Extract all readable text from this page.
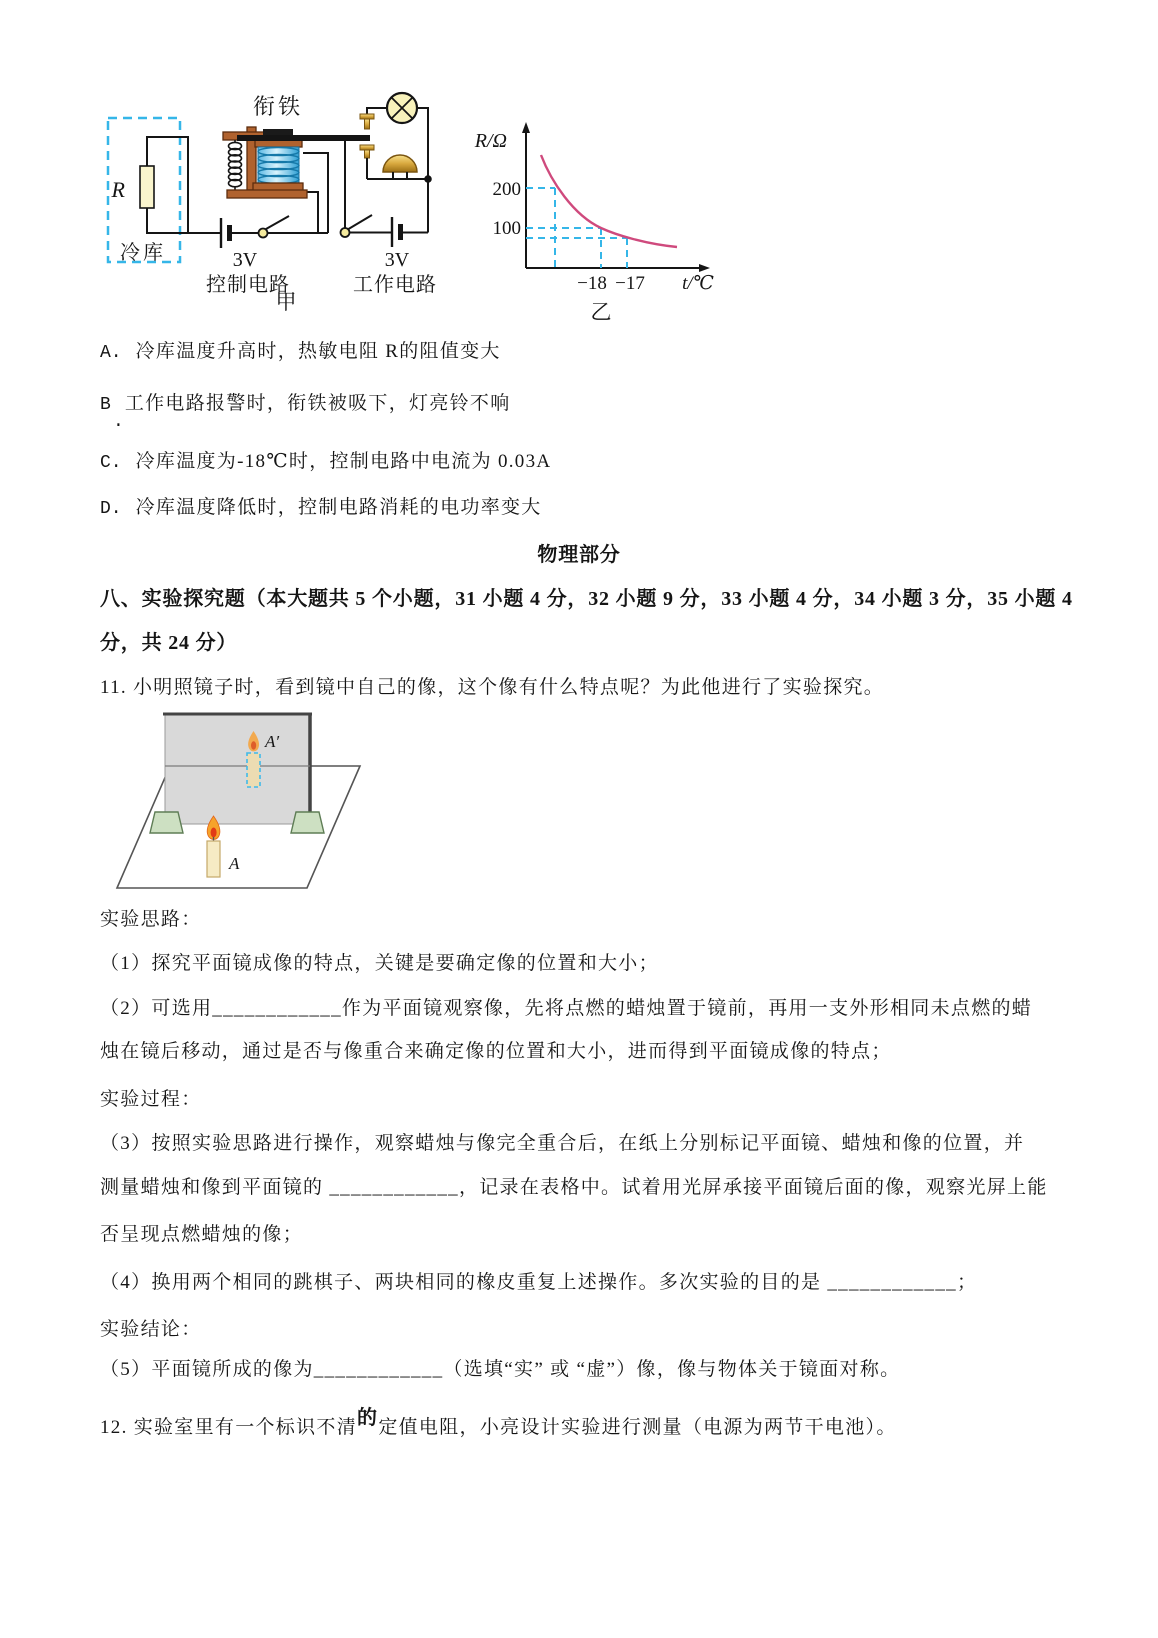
R
冷库
衔铁
3V
控制电路
3V
工作电路
甲
R/Ω
200
100
−18 −17 t/℃
乙
A. 冷库温度升高时，热敏电阻 R的阻值变大
B 工作电路报警时，衔铁被吸下，灯亮铃不响
.
C. 冷库温度为-18℃时，控制电路中电流为 0.03A
D. 冷库温度降低时，控制电路消耗的电功率变大
物理部分
八、实验探究题（本大题共 5 个小题，31 小题 4 分，32 小题 9 分，33 小题 4 分，34 小题 3 分，35 小题 4
分，共 24 分）
11. 小明照镜子时，看到镜中自己的像，这个像有什么特点呢？为此他进行了实验探究。
A′
A
实验思路：
（1）探究平面镜成像的特点，关键是要确定像的位置和大小；
（2）可选用____________作为平面镜观察像，先将点燃的蜡烛置于镜前，再用一支外形相同未点燃的蜡
烛在镜后移动，通过是否与像重合来确定像的位置和大小，进而得到平面镜成像的特点；
实验过程：
（3）按照实验思路进行操作，观察蜡烛与像完全重合后，在纸上分别标记平面镜、蜡烛和像的位置，并
测量蜡烛和像到平面镜的 ____________，记录在表格中。试着用光屏承接平面镜后面的像，观察光屏上能
否呈现点燃蜡烛的像；
（4）换用两个相同的跳棋子、两块相同的橡皮重复上述操作。多次实验的目的是 ____________；
实验结论：
（5）平面镜所成的像为____________（选填“实” 或 “虚”）像，像与物体关于镜面对称。
12. 实验室里有一个标识不清的定值电阻，小亮设计实验进行测量（电源为两节干电池）。
